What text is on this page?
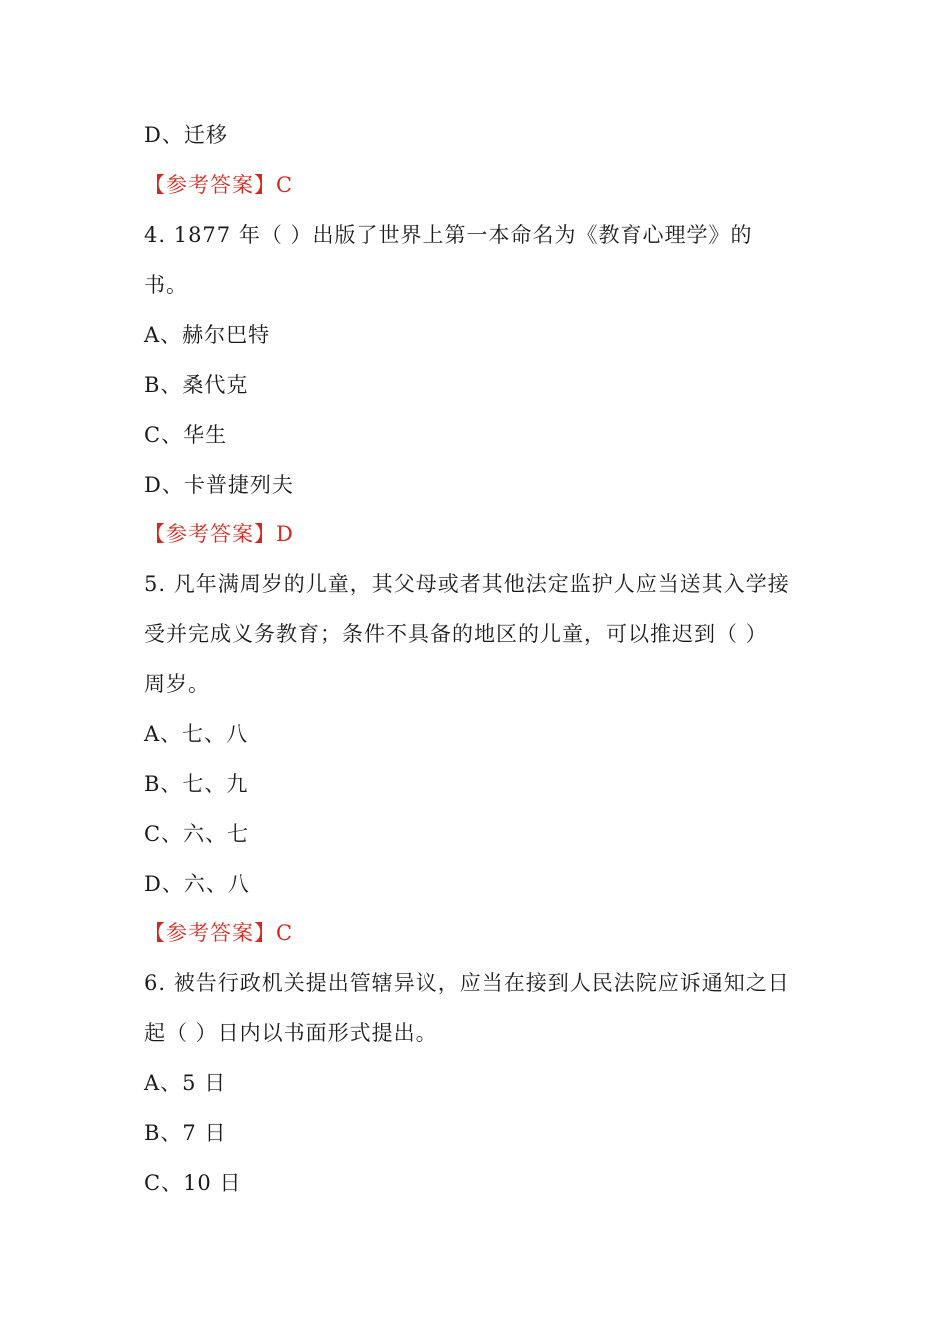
D、迁移
【参考答案】C
4. 1877 年（ ）出版了世界上第一本命名为《教育心理学》的
书。
A、赫尔巴特
B、桑代克
C、华生
D、卡普捷列夫
【参考答案】D
5. 凡年满周岁的儿童，其父母或者其他法定监护人应当送其入学接
受并完成义务教育；条件不具备的地区的儿童，可以推迟到（ ）
周岁。
A、七、八
B、七、九
C、六、七
D、六、八
【参考答案】C
6. 被告行政机关提出管辖异议，应当在接到人民法院应诉通知之日
起（ ）日内以书面形式提出。
A、5 日
B、7 日
C、10 日
